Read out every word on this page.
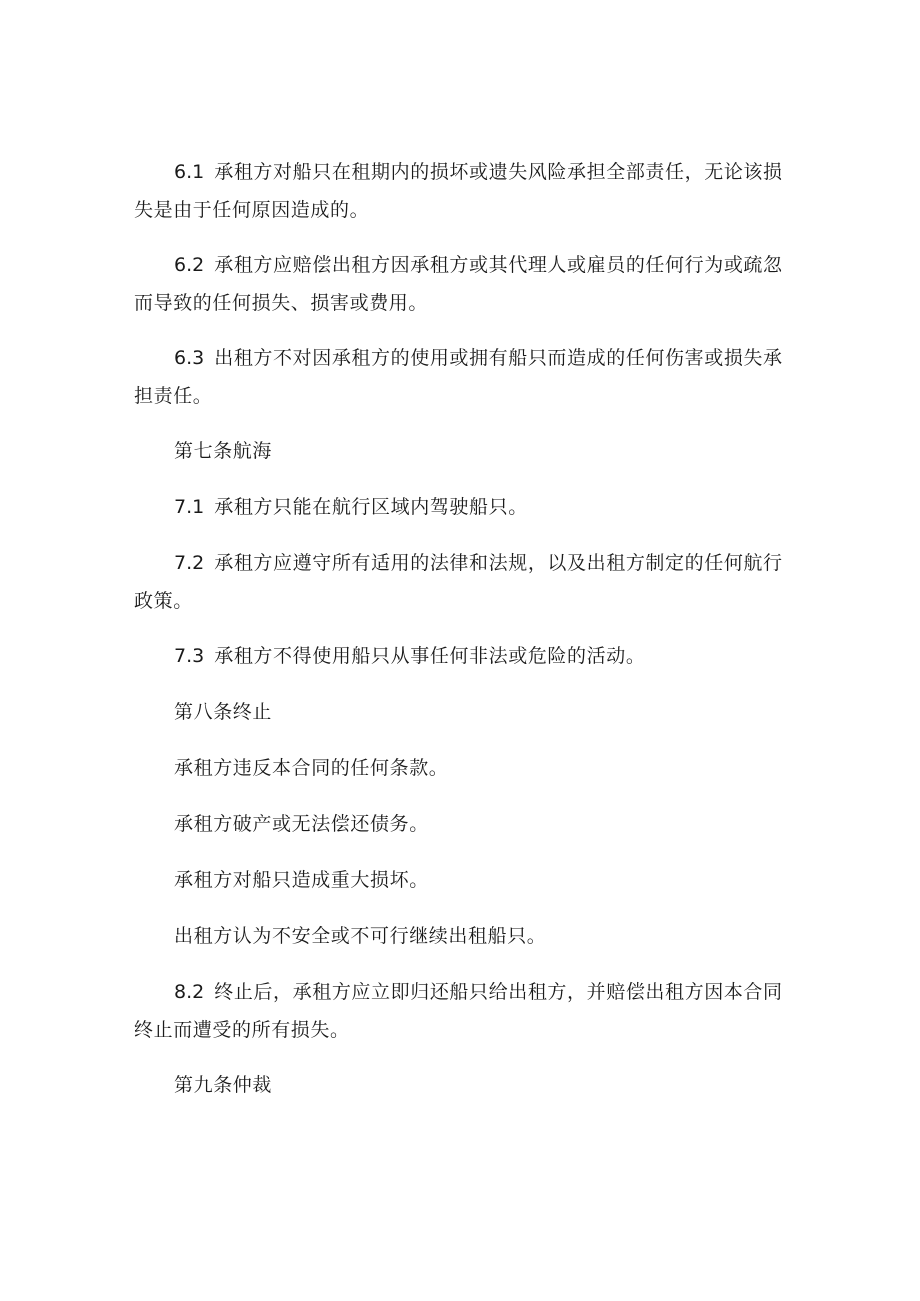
6.1 承租方对船只在租期内的损坏或遗失风险承担全部责任，无论该损失是由于任何原因造成的。

6.2 承租方应赔偿出租方因承租方或其代理人或雇员的任何行为或疏忽而导致的任何损失、损害或费用。

6.3 出租方不对因承租方的使用或拥有船只而造成的任何伤害或损失承担责任。

第七条航海

7.1 承租方只能在航行区域内驾驶船只。

7.2 承租方应遵守所有适用的法律和法规，以及出租方制定的任何航行政策。

7.3 承租方不得使用船只从事任何非法或危险的活动。

第八条终止

承租方违反本合同的任何条款。

承租方破产或无法偿还债务。

承租方对船只造成重大损坏。

出租方认为不安全或不可行继续出租船只。

8.2 终止后，承租方应立即归还船只给出租方，并赔偿出租方因本合同终止而遭受的所有损失。

第九条仲裁
